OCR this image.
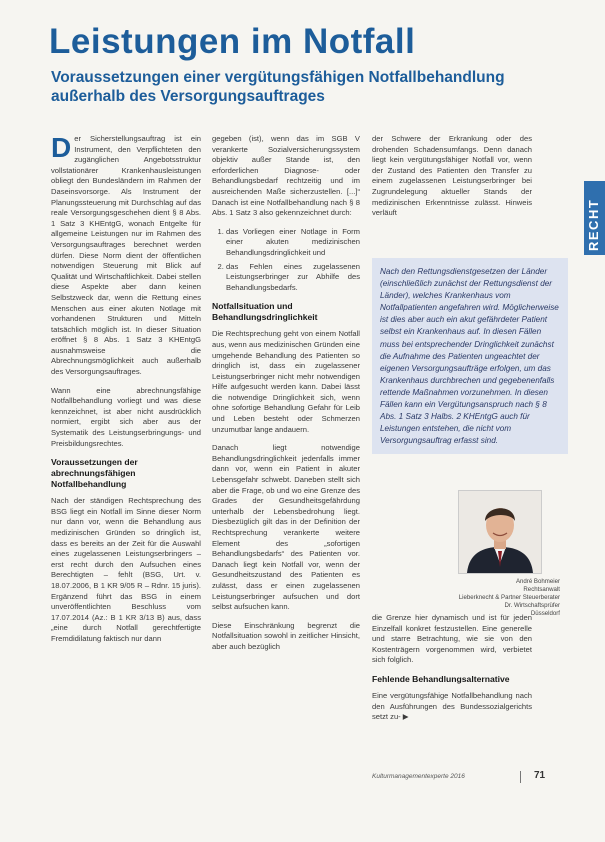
Leistungen im Notfall
Voraussetzungen einer vergütungsfähigen Notfallbehandlung außerhalb des Versorgungsauftrages
RECHT

Der Sicherstellungsauftrag ist ein Instrument, den Verpflichteten den zugänglichen Angebotsstruktur vollstationärer Krankenhausleistungen obliegt den Bundesländern im Rahmen der Daseinsvorsorge. Als Instrument der Planungssteuerung mit Durchschlag auf das reale Versorgungsgeschehen dient § 8 Abs. 1 Satz 3 KHEntgG, wonach Entgelte für allgemeine Leistungen nur im Rahmen des Versorgungsauftrages berechnet werden dürfen. Diese Norm dient der öffentlichen notwendigen Steuerung mit Blick auf Qualität und Wirtschaftlichkeit. Dabei stellen diese Aspekte aber dann keinen Selbstzweck dar, wenn die Rettung eines Menschen aus einer akuten Notlage mit vorhandenen Strukturen und Mitteln tatsächlich möglich ist. In dieser Situation eröffnet § 8 Abs. 1 Satz 3 KHEntgG ausnahmsweise die Abrechnungsmöglichkeit auch außerhalb des Versorgungsauftrages.

Wann eine abrechnungsfähige Notfallbehandlung vorliegt und was diese kennzeichnet, ist aber nicht ausdrücklich normiert, ergibt sich aber aus der Systematik des Leistungserbringungs- und Preisbildungsrechtes.

Voraussetzungen der abrechnungsfähigen Notfallbehandlung

Nach der ständigen Rechtsprechung des BSG liegt ein Notfall im Sinne dieser Norm nur dann vor, wenn die Behandlung aus medizinischen Gründen so dringlich ist, dass es bereits an der Zeit für die Auswahl eines zugelassenen Leistungserbringers – erst recht durch den Aufsuchen eines Berechtigten – fehlt (BSG, Urt. v. 18.07.2006, B 1 KR 9/05 R – Rdnr. 15 juris). Ergänzend führt das BSG in einem unveröffentlichten Beschluss vom 17.07.2014 (Az.: B 1 KR 3/13 B) aus, dass „eine durch Notfall gerechtfertigte Fremdidilatung faktisch nur dann

gegeben (ist), wenn das im SGB V verankerte Sozialversicherungssystem objektiv außer Stande ist, den erforderlichen Diagnose- oder Behandlungsbedarf rechtzeitig und im ausreichenden Maße sicherzustellen. [...]“ Danach ist eine Notfallbehandlung nach § 8 Abs. 1 Satz 3 also gekennzeichnet durch:

1. das Vorliegen einer Notlage in Form einer akuten medizinischen Behandlungsdringlichkeit und
2. das Fehlen eines zugelassenen Leistungserbringer zur Abhilfe des Behandlungsbedarfs.
Notfallsituation und Behandlungsdringlichkeit

Die Rechtsprechung geht von einem Notfall aus, wenn aus medizinischen Gründen eine umgehende Behandlung des Patienten so dringlich ist, dass ein zugelassener Leistungserbringer nicht mehr notwendigen Hilfe aufgesucht werden kann. Dabei lässt die notwendige Dringlichkeit sich, wenn ohne sofortige Behandlung Gefahr für Leib und Leben besteht oder Schmerzen unzumutbar lange andauern.

Danach liegt notwendige Behandlungsdringlichkeit jedenfalls immer dann vor, wenn ein Patient in akuter Lebensgefahr schwebt. Daneben stellt sich aber die Frage, ob und wo eine Grenze des Grades der Gesundheitsgefährdung unterhalb der Lebensbedrohung liegt. Diesbezüglich gilt das in der Definition der Rechtsprechung verankerte weitere Element des „sofortigen Behandlungsbedarfs“ des Patienten vor. Danach liegt kein Notfall vor, wenn der Gesundheitszustand des Patienten es zulässt, dass er einen zugelassenen Leistungserbringer aufsuchen und dort selbst aufsuchen kann.

Diese Einschränkung begrenzt die Notfallsituation sowohl in zeitlicher Hinsicht, aber auch bezüglich

der Schwere der Erkrankung oder des drohenden Schadensumfangs. Denn danach liegt kein vergütungsfähiger Notfall vor, wenn der Zustand des Patienten den Transfer zu einem zugelassenen Leistungserbringer bei Zugrundelegung aktueller Stands der medizinischen Erkenntnisse zulässt. Hinweis verläuft

Nach den Rettungsdienstgesetzen der Länder (einschließlich zunächst der Rettungsdienst der Länder), welches Krankenhaus vom Notfallpatienten angefahren wird. Möglicherweise ist dies aber auch ein akut gefährdeter Patient selbst ein Krankenhaus auf. In diesen Fällen muss bei entsprechender Dringlichkeit zunächst die Aufnahme des Patienten ungeachtet der eigenen Versorgungsaufträge erfolgen, um das Krankenhaus durchbrechen und gegebenenfalls rettende Maßnahmen vorzunehmen. In diesen Fällen kann ein Vergütungsanspruch nach § 8 Abs. 1 Satz 3 Halbs. 2 KHEntgG auch für Leistungen entstehen, die nicht vom Versorgungsauftrag erfasst sind.
André Bohmeier
Rechtsanwalt
Lieberknecht & Partner Steuerberater
Dr. Wirtschaftsprüfer
Düsseldorf

die Grenze hier dynamisch und ist für jeden Einzelfall konkret festzustellen. Eine generelle und starre Betrachtung, wie sie von den Kostenträgern vorgenommen wird, verbietet sich folglich.

Fehlende Behandlungsalternative

Eine vergütungsfähige Notfallbehandlung nach den Ausführungen des Bundessozialgerichts setzt zu- ▶

Kulturmanagementexperte 2016	71
